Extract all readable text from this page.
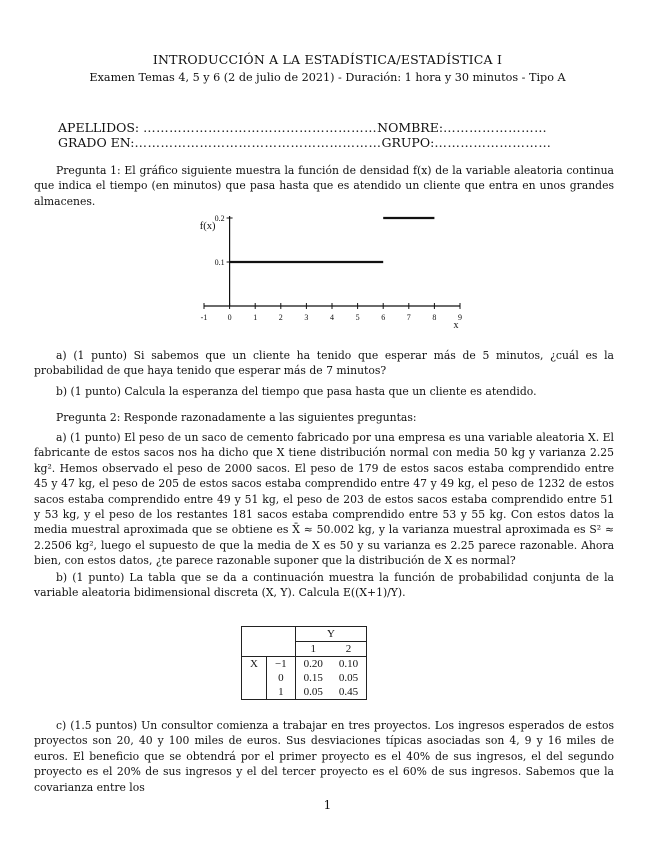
INTRODUCCIÓN A LA ESTADÍSTICA/ESTADÍSTICA I
Examen Temas 4, 5 y 6 (2 de julio de 2021) - Duración: 1 hora y 30 minutos - Tipo A
APELLIDOS: ………………………………………………NOMBRE:……………………
GRADO EN:…………………………………………………GRUPO:………………………
Pregunta 1: El gráfico siguiente muestra la función de densidad f(x) de la variable aleatoria continua que indica el tiempo (en minutos) que pasa hasta que es atendido un cliente que entra en unos grandes almacenes.
-1	0	1	2	3	4	5	6	7	8	9
0.1
0.2
x
f(x)
a) (1 punto) Si sabemos que un cliente ha tenido que esperar más de 5 minutos, ¿cuál es la probabilidad de que haya tenido que esperar más de 7 minutos?
b) (1 punto) Calcula la esperanza del tiempo que pasa hasta que un cliente es atendido.
Pregunta 2: Responde razonadamente a las siguientes preguntas:
a) (1 punto) El peso de un saco de cemento fabricado por una empresa es una variable aleatoria X. El fabricante de estos sacos nos ha dicho que X tiene distribución normal con media 50 kg y varianza 2.25 kg². Hemos observado el peso de 2000 sacos. El peso de 179 de estos sacos estaba comprendido entre 45 y 47 kg, el peso de 205 de estos sacos estaba comprendido entre 47 y 49 kg, el peso de 1232 de estos sacos estaba comprendido entre 49 y 51 kg, el peso de 203 de estos sacos estaba comprendido entre 51 y 53 kg, y el peso de los restantes 181 sacos estaba comprendido entre 53 y 55 kg. Con estos datos la media muestral aproximada que se obtiene es X̄ ≈ 50.002 kg, y la varianza muestral aproximada es S² ≈ 2.2506 kg², luego el supuesto de que la media de X es 50 y su varianza es 2.25 parece razonable. Ahora bien, con estos datos, ¿te parece razonable suponer que la distribución de X es normal?
b) (1 punto) La tabla que se da a continuación muestra la función de probabilidad conjunta de la variable aleatoria bidimensional discreta (X, Y). Calcula E((X+1)/Y).
		Y	
		1	2
X	−1	0.20	0.10
	0	0.15	0.05
	1	0.05	0.45
c) (1.5 puntos) Un consultor comienza a trabajar en tres proyectos. Los ingresos esperados de estos proyectos son 20, 40 y 100 miles de euros. Sus desviaciones típicas asociadas son 4, 9 y 16 miles de euros. El beneficio que se obtendrá por el primer proyecto es el 40% de sus ingresos, el del segundo proyecto es el 20% de sus ingresos y el del tercer proyecto es el 60% de sus ingresos. Sabemos que la covarianza entre los
1
